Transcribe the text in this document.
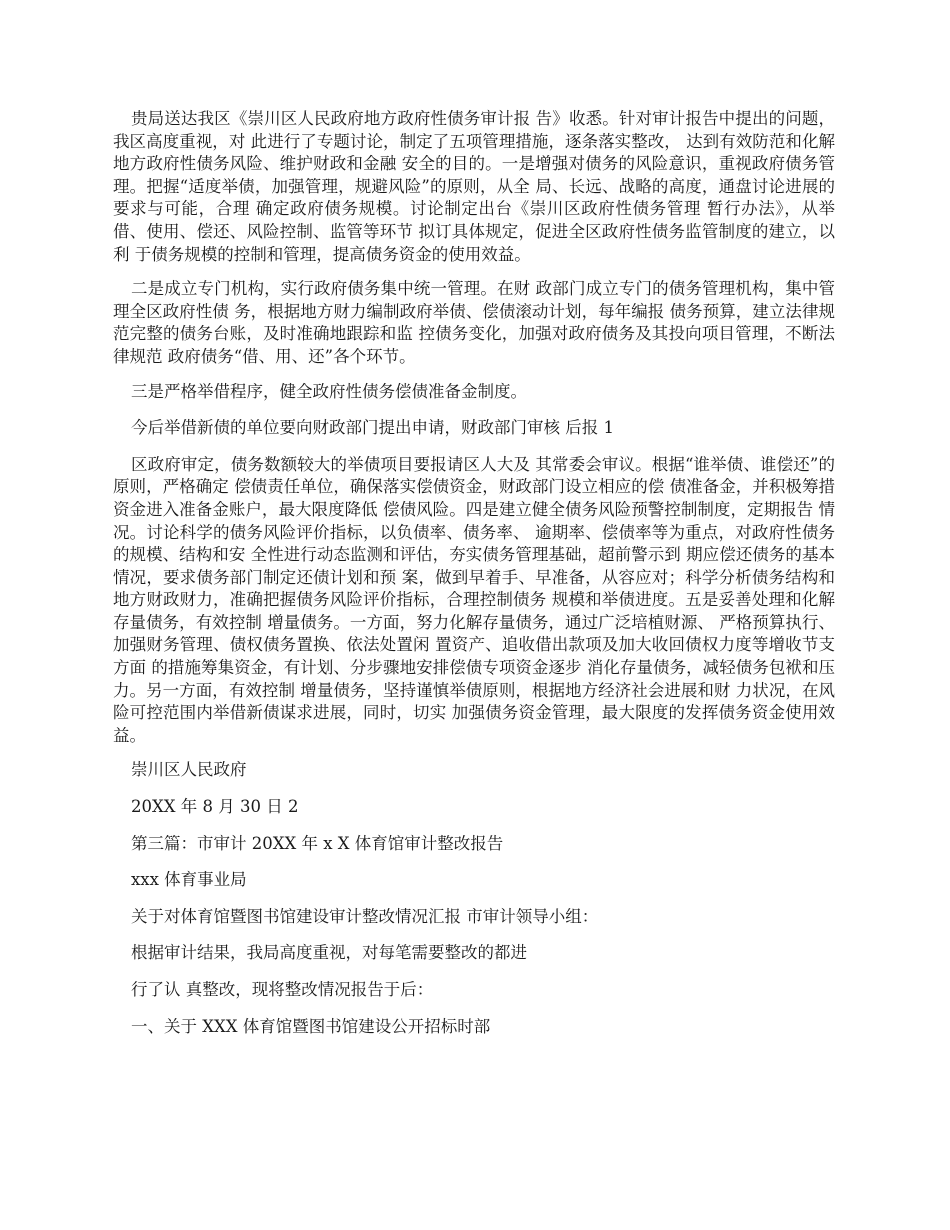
贵局送达我区《崇川区人民政府地方政府性债务审计报 告》收悉。针对审计报告中提出的问题，我区高度重视，对 此进行了专题讨论，制定了五项管理措施，逐条落实整改， 达到有效防范和化解地方政府性债务风险、维护财政和金融 安全的目的。一是增强对债务的风险意识，重视政府债务管 理。把握“适度举债，加强管理，规避风险”的原则，从全 局、长远、战略的高度，通盘讨论进展的要求与可能，合理 确定政府债务规模。讨论制定出台《崇川区政府性债务管理 暂行办法》，从举借、使用、偿还、风险控制、监管等环节 拟订具体规定，促进全区政府性债务监管制度的建立，以利 于债务规模的控制和管理，提高债务资金的使用效益。

二是成立专门机构，实行政府债务集中统一管理。在财 政部门成立专门的债务管理机构，集中管理全区政府性债 务，根据地方财力编制政府举债、偿债滚动计划，每年编报 债务预算，建立法律规范完整的债务台账，及时准确地跟踪和监 控债务变化，加强对政府债务及其投向项目管理，不断法律规范 政府债务“借、用、还”各个环节。

三是严格举借程序，健全政府性债务偿债准备金制度。

今后举借新债的单位要向财政部门提出申请，财政部门审核 后报 1

区政府审定，债务数额较大的举债项目要报请区人大及 其常委会审议。根据“谁举债、谁偿还”的原则，严格确定 偿债责任单位，确保落实偿债资金，财政部门设立相应的偿 债准备金，并积极筹措资金进入准备金账户，最大限度降低 偿债风险。四是建立健全债务风险预警控制制度，定期报告 情况。讨论科学的债务风险评价指标，以负债率、债务率、 逾期率、偿债率等为重点，对政府性债务的规模、结构和安 全性进行动态监测和评估，夯实债务管理基础，超前警示到 期应偿还债务的基本情况，要求债务部门制定还债计划和预 案，做到早着手、早准备，从容应对；科学分析债务结构和 地方财政财力，准确把握债务风险评价指标，合理控制债务 规模和举债进度。五是妥善处理和化解存量债务，有效控制 增量债务。一方面，努力化解存量债务，通过广泛培植财源、 严格预算执行、加强财务管理、债权债务置换、依法处置闲 置资产、追收借出款项及加大收回债权力度等增收节支方面 的措施筹集资金，有计划、分步骤地安排偿债专项资金逐步 消化存量债务，减轻债务包袱和压力。另一方面，有效控制 增量债务，坚持谨慎举债原则，根据地方经济社会进展和财 力状况，在风险可控范围内举借新债谋求进展，同时，切实 加强债务资金管理，最大限度的发挥债务资金使用效益。

崇川区人民政府

20XX 年 8 月 30 日 2

第三篇：市审计 20XX 年 x X 体育馆审计整改报告

xxx 体育事业局

关于对体育馆暨图书馆建设审计整改情况汇报 市审计领导小组：

根据审计结果，我局高度重视，对每笔需要整改的都进

行了认 真整改，现将整改情况报告于后：

一、关于 XXX 体育馆暨图书馆建设公开招标时部
